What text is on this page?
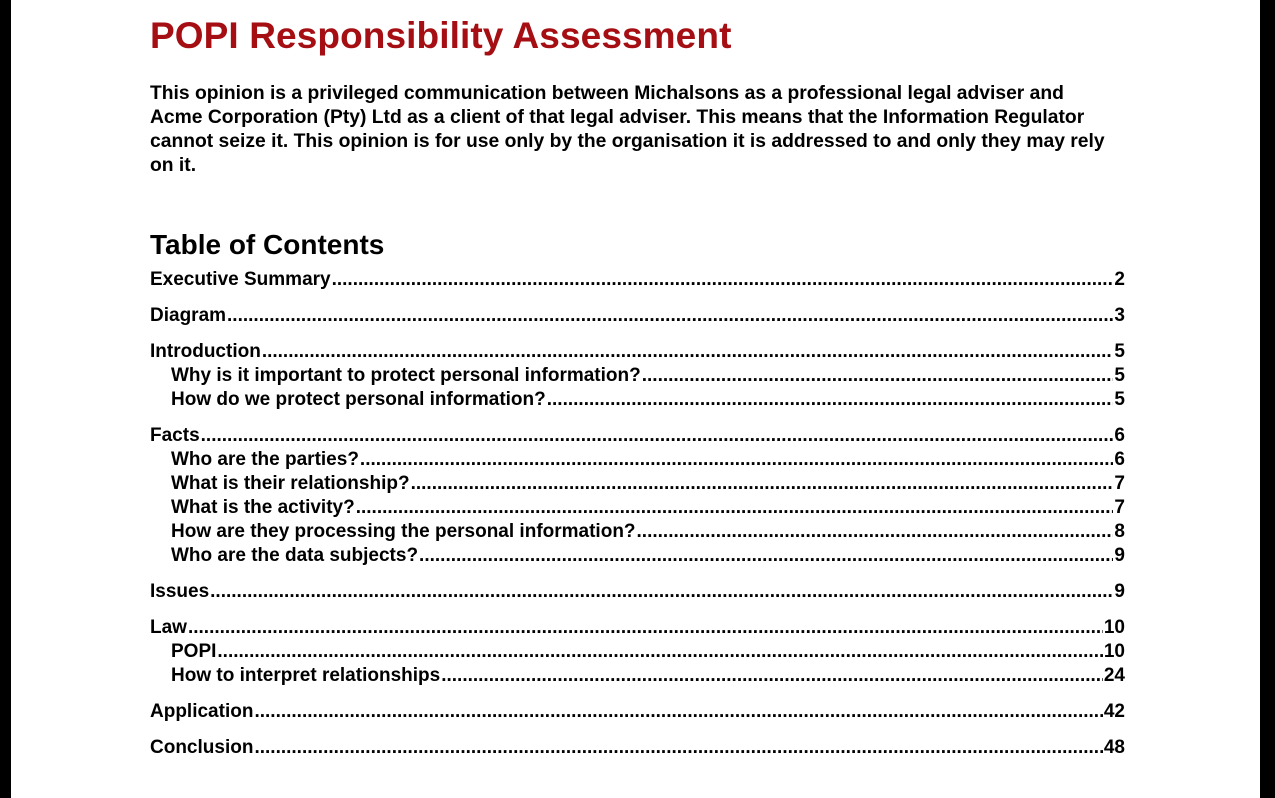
POPI Responsibility Assessment

This opinion is a privileged communication between Michalsons as a professional legal adviser and Acme Corporation (Pty) Ltd as a client of that legal adviser. This means that the Information Regulator cannot seize it. This opinion is for use only by the organisation it is addressed to and only they may rely on it.

Table of Contents
Executive Summary .....	2
Diagram .....	3
Introduction .....	5
Why is it important to protect personal information? .....	5
How do we protect personal information? .....	5
Facts .....	6
Who are the parties? .....	6
What is their relationship? .....	7
What is the activity? .....	7
How are they processing the personal information? .....	8
Who are the data subjects? .....	9
Issues .....	9
Law .....	10
POPI .....	10
How to interpret relationships .....	24
Application .....	42
Conclusion .....	48
